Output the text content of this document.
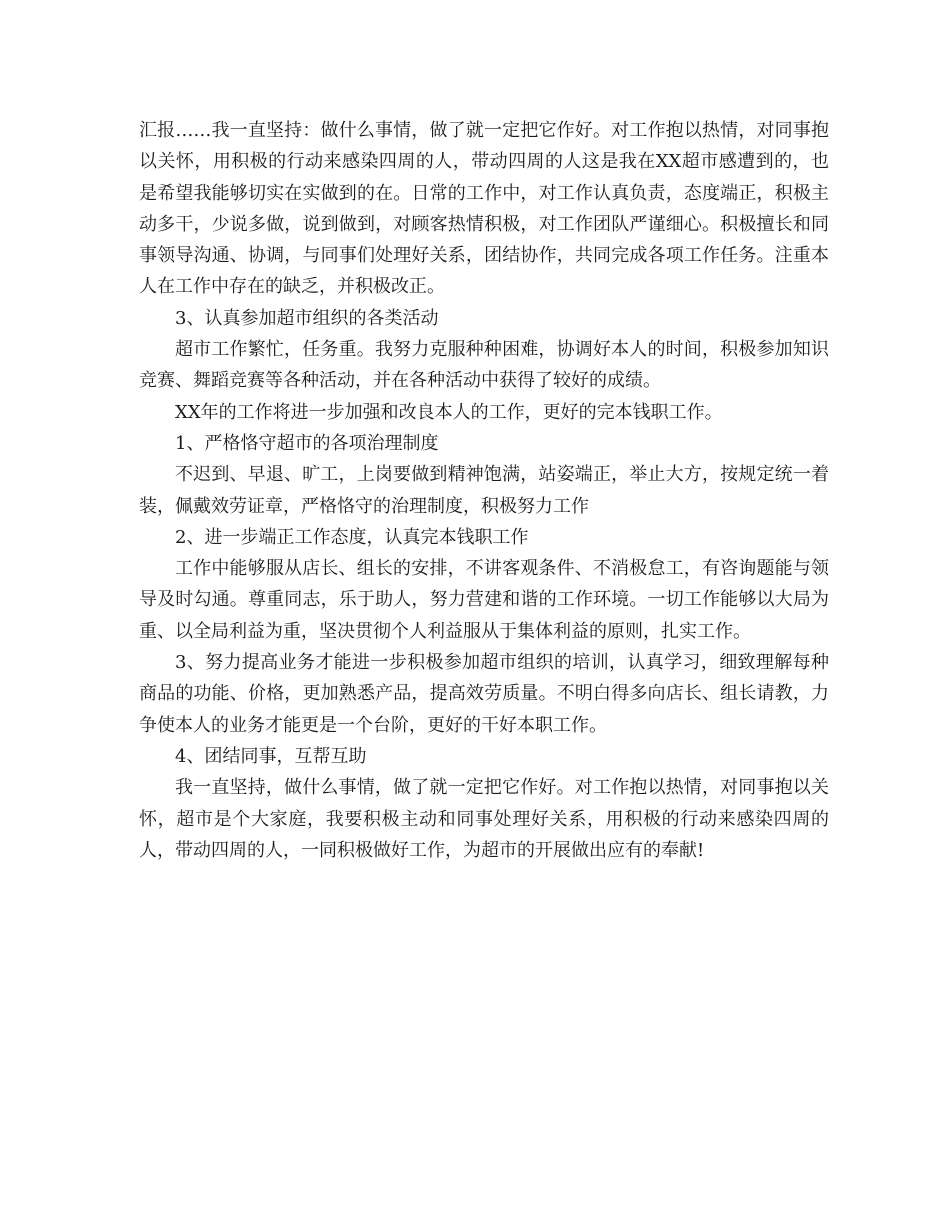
汇报……我一直坚持：做什么事情，做了就一定把它作好。对工作抱以热情，对同事抱以关怀，用积极的行动来感染四周的人，带动四周的人这是我在XX超市感遭到的，也是希望我能够切实在实做到的在。日常的工作中，对工作认真负责，态度端正，积极主动多干，少说多做，说到做到，对顾客热情积极，对工作团队严谨细心。积极擅长和同事领导沟通、协调，与同事们处理好关系，团结协作，共同完成各项工作任务。注重本人在工作中存在的缺乏，并积极改正。

3、认真参加超市组织的各类活动

超市工作繁忙，任务重。我努力克服种种困难，协调好本人的时间，积极参加知识竞赛、舞蹈竞赛等各种活动，并在各种活动中获得了较好的成绩。

XX年的工作将进一步加强和改良本人的工作，更好的完本钱职工作。

1、严格恪守超市的各项治理制度

不迟到、早退、旷工，上岗要做到精神饱满，站姿端正，举止大方，按规定统一着装，佩戴效劳证章，严格恪守的治理制度，积极努力工作

2、进一步端正工作态度，认真完本钱职工作

工作中能够服从店长、组长的安排，不讲客观条件、不消极怠工，有咨询题能与领导及时勾通。尊重同志，乐于助人，努力营建和谐的工作环境。一切工作能够以大局为重、以全局利益为重，坚决贯彻个人利益服从于集体利益的原则，扎实工作。

3、努力提高业务才能进一步积极参加超市组织的培训，认真学习，细致理解每种商品的功能、价格，更加熟悉产品，提高效劳质量。不明白得多向店长、组长请教，力争使本人的业务才能更是一个台阶，更好的干好本职工作。

4、团结同事，互帮互助

我一直坚持，做什么事情，做了就一定把它作好。对工作抱以热情，对同事抱以关怀，超市是个大家庭，我要积极主动和同事处理好关系，用积极的行动来感染四周的人，带动四周的人，一同积极做好工作，为超市的开展做出应有的奉献!
